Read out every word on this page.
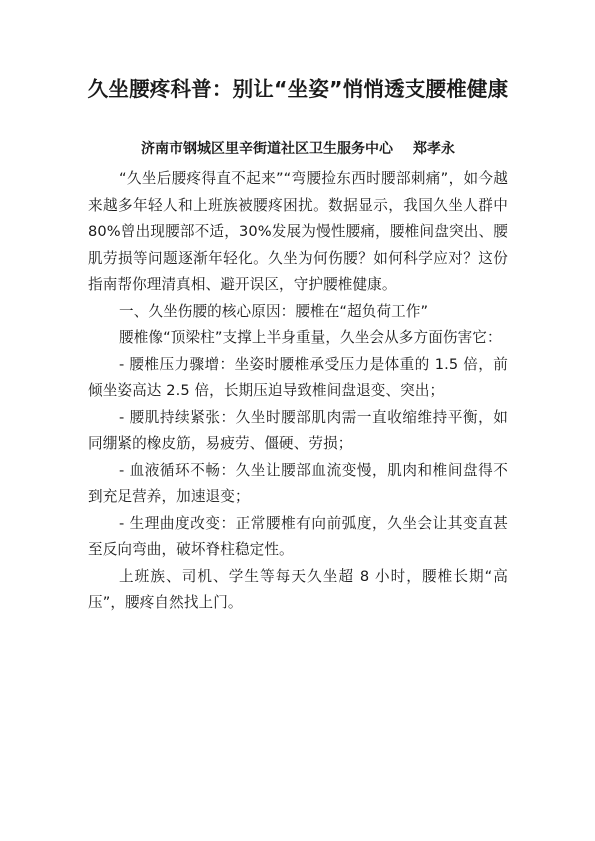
久坐腰疼科普：别让“坐姿”悄悄透支腰椎健康

济南市钢城区里辛街道社区卫生服务中心 郑孝永

“久坐后腰疼得直不起来”“弯腰捡东西时腰部刺痛”，如今越来越多年轻人和上班族被腰疼困扰。数据显示，我国久坐人群中 80%曾出现腰部不适，30%发展为慢性腰痛，腰椎间盘突出、腰肌劳损等问题逐渐年轻化。久坐为何伤腰？如何科学应对？这份指南帮你理清真相、避开误区，守护腰椎健康。

一、久坐伤腰的核心原因：腰椎在“超负荷工作”

腰椎像“顶梁柱”支撑上半身重量，久坐会从多方面伤害它：

- 腰椎压力骤增：坐姿时腰椎承受压力是体重的 1.5 倍，前倾坐姿高达 2.5 倍，长期压迫导致椎间盘退变、突出；

- 腰肌持续紧张：久坐时腰部肌肉需一直收缩维持平衡，如同绷紧的橡皮筋，易疲劳、僵硬、劳损；

- 血液循环不畅：久坐让腰部血流变慢，肌肉和椎间盘得不到充足营养，加速退变；

- 生理曲度改变：正常腰椎有向前弧度，久坐会让其变直甚至反向弯曲，破坏脊柱稳定性。

上班族、司机、学生等每天久坐超 8 小时，腰椎长期“高压”，腰疼自然找上门。
